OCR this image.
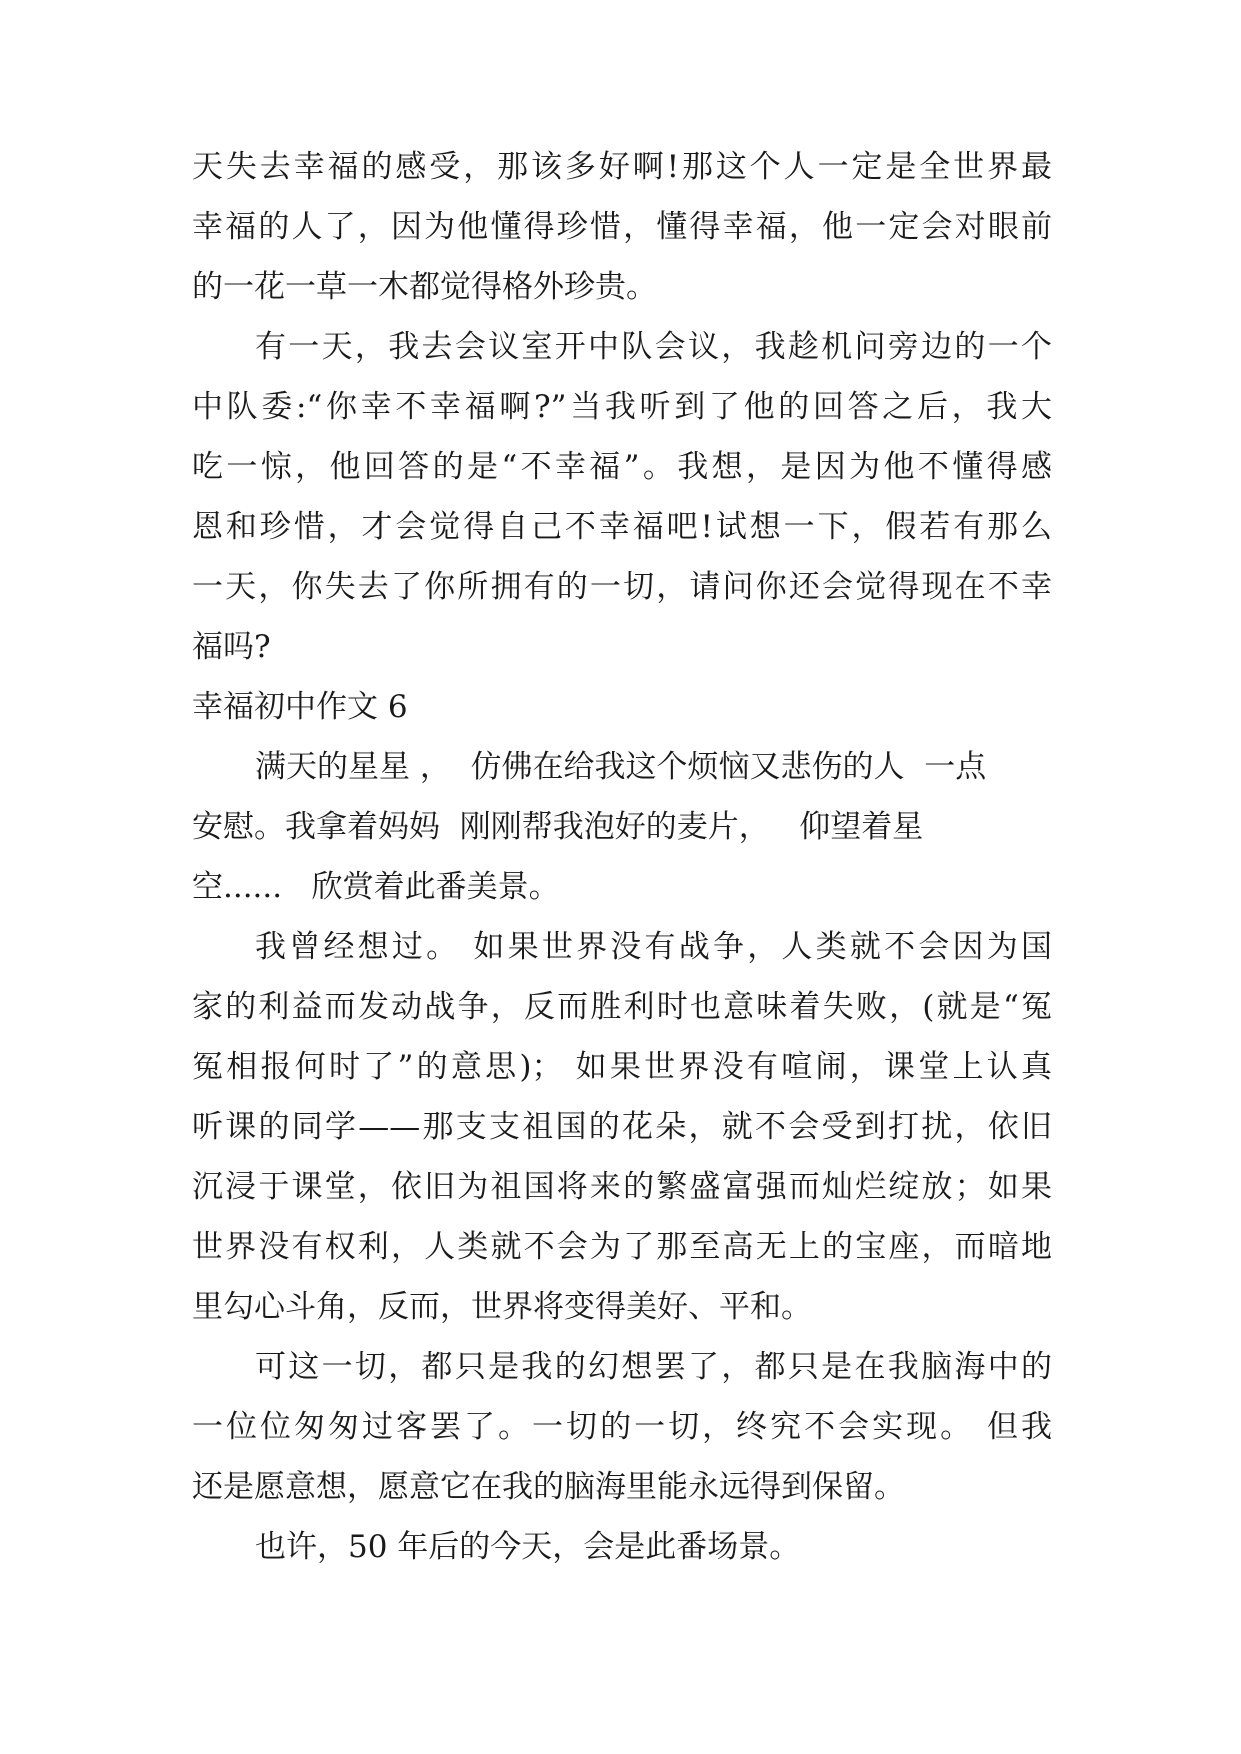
天失去幸福的感受，那该多好啊!那这个人一定是全世界最
幸福的人了，因为他懂得珍惜，懂得幸福，他一定会对眼前
的一花一草一木都觉得格外珍贵。
有一天，我去会议室开中队会议，我趁机问旁边的一个
中队委:“你幸不幸福啊?”当我听到了他的回答之后，我大
吃一惊，他回答的是“不幸福”。我想，是因为他不懂得感
恩和珍惜，才会觉得自己不幸福吧!试想一下，假若有那么
一天，你失去了你所拥有的一切，请问你还会觉得现在不幸
福吗?
幸福初中作文 6
满天的星星 ，  仿佛在给我这个烦恼又悲伤的人  一点
安慰。我拿着妈妈  刚刚帮我泡好的麦片，   仰望着星
空......   欣赏着此番美景。
我曾经想过。 如果世界没有战争，人类就不会因为国
家的利益而发动战争，反而胜利时也意味着失败，(就是“冤
冤相报何时了”的意思)； 如果世界没有喧闹，课堂上认真
听课的同学——那支支祖国的花朵，就不会受到打扰，依旧
沉浸于课堂，依旧为祖国将来的繁盛富强而灿烂绽放；如果
世界没有权利，人类就不会为了那至高无上的宝座，而暗地
里勾心斗角，反而，世界将变得美好、平和。
可这一切，都只是我的幻想罢了，都只是在我脑海中的
一位位匆匆过客罢了。一切的一切，终究不会实现。 但我
还是愿意想，愿意它在我的脑海里能永远得到保留。
也许，50 年后的今天，会是此番场景。
